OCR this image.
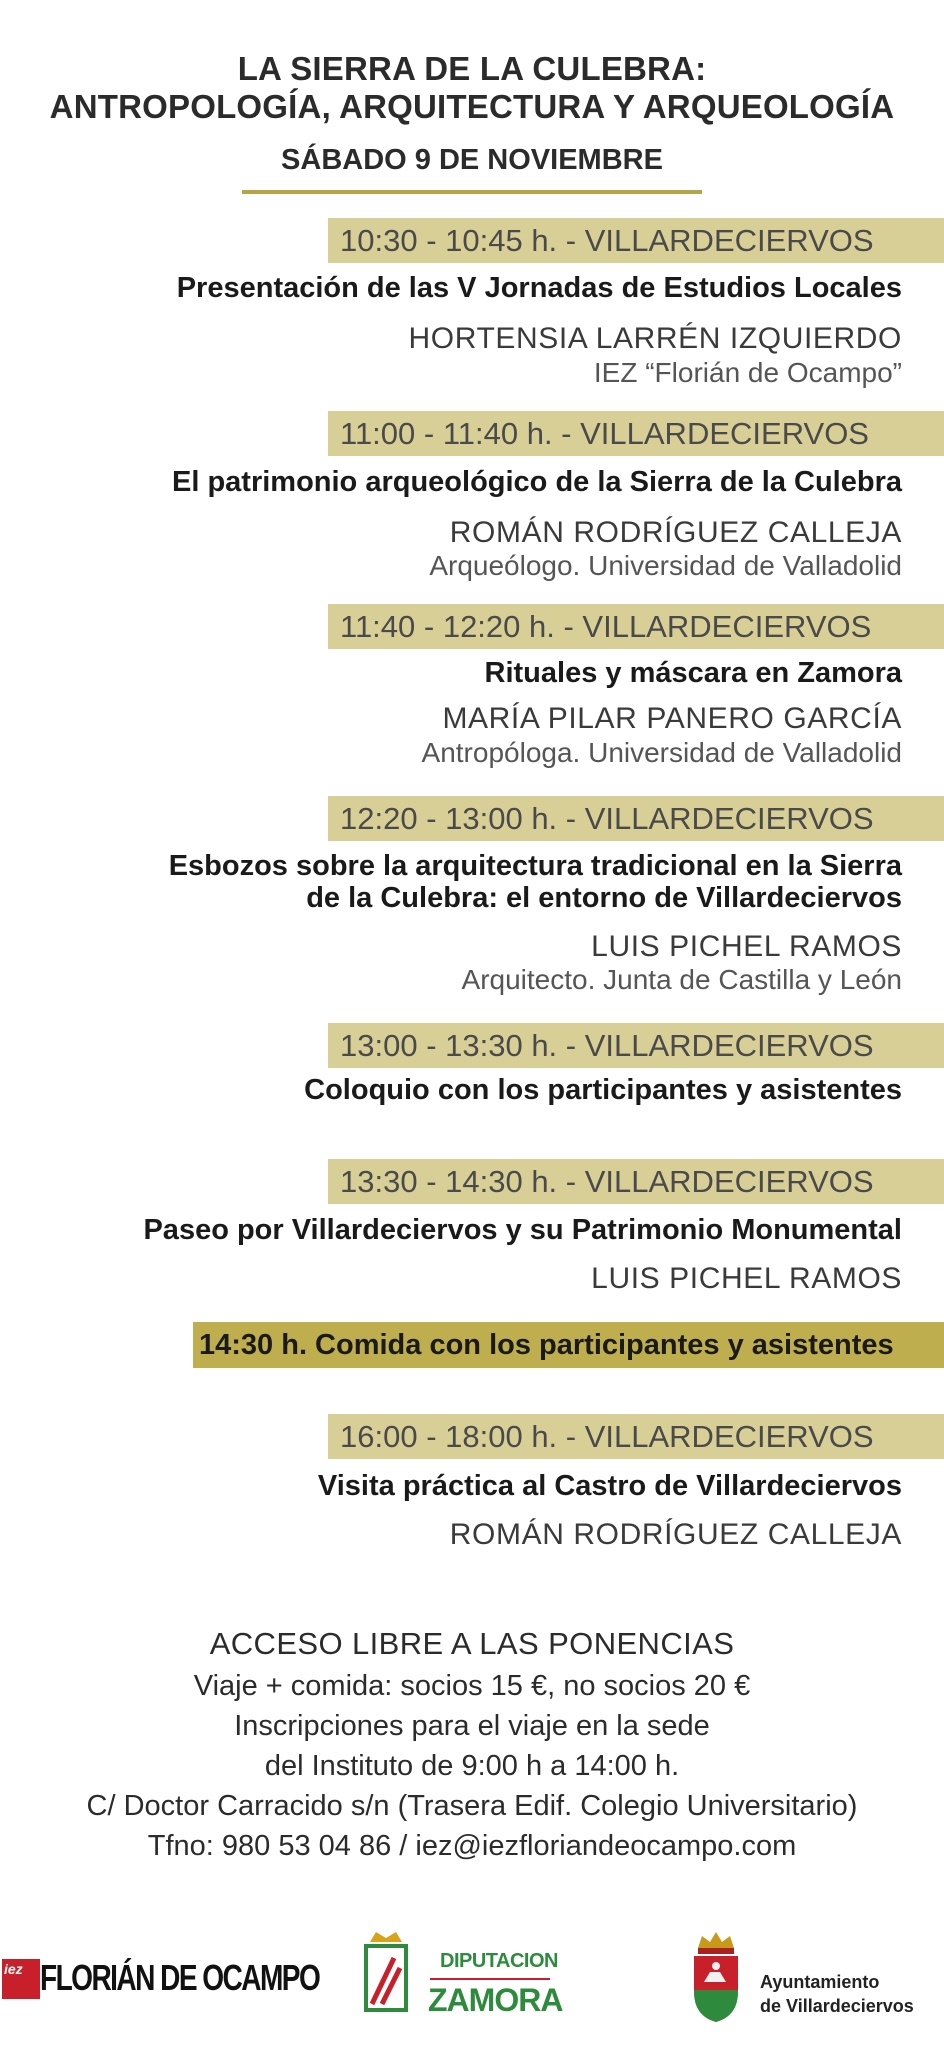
LA SIERRA DE LA CULEBRA:
ANTROPOLOGÍA, ARQUITECTURA Y ARQUEOLOGÍA
SÁBADO 9 DE NOVIEMBRE
10:30 - 10:45 h. - VILLARDECIERVOS
Presentación de las V Jornadas de Estudios Locales
HORTENSIA LARRÉN IZQUIERDO
IEZ “Florián de Ocampo”
11:00 - 11:40 h. - VILLARDECIERVOS
El patrimonio arqueológico de la Sierra de la Culebra
ROMÁN RODRÍGUEZ CALLEJA
Arqueólogo. Universidad de Valladolid
11:40 - 12:20 h. - VILLARDECIERVOS
Rituales y máscara en Zamora
MARÍA PILAR PANERO GARCÍA
Antropóloga. Universidad de Valladolid
12:20 - 13:00 h. - VILLARDECIERVOS
Esbozos sobre la arquitectura tradicional en la Sierra
de la Culebra: el entorno de Villardeciervos
LUIS PICHEL RAMOS
Arquitecto. Junta de Castilla y León
13:00 - 13:30 h. - VILLARDECIERVOS
Coloquio con los participantes y asistentes
13:30 - 14:30 h. - VILLARDECIERVOS
Paseo por Villardeciervos y su Patrimonio Monumental
LUIS PICHEL RAMOS
14:30 h. Comida con los participantes y asistentes
16:00 - 18:00 h. - VILLARDECIERVOS
Visita práctica al Castro de Villardeciervos
ROMÁN RODRÍGUEZ CALLEJA
ACCESO LIBRE A LAS PONENCIAS
Viaje + comida: socios 15 €, no socios 20 €
Inscripciones para el viaje en la sede
del Instituto de 9:00 h a 14:00 h.
C/ Doctor Carracido s/n (Trasera Edif. Colegio Universitario)
Tfno: 980 53 04 86 / iez@iezfloriandeocampo.com
iez FLORIÁN DE OCAMPO	DIPUTACION
ZAMORA	Ayuntamiento
de Villardeciervos
